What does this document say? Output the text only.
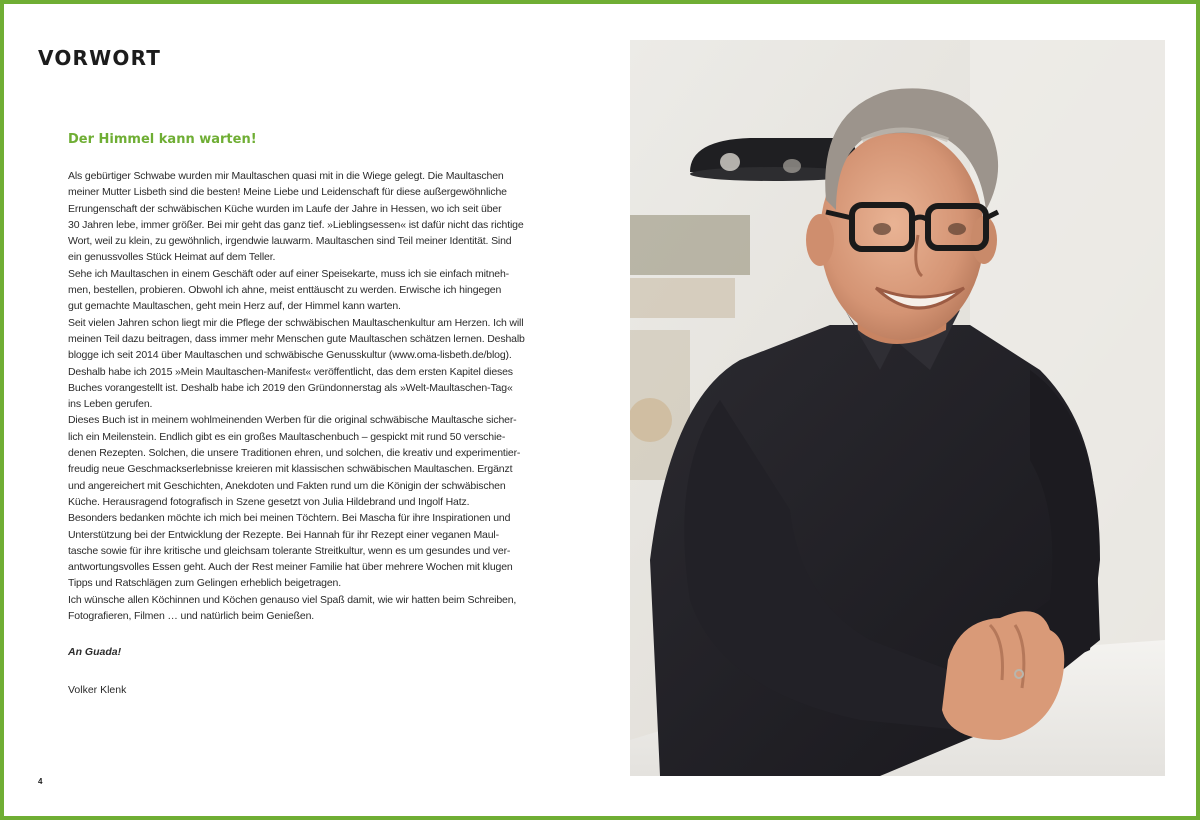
VORWORT
Der Himmel kann warten!
Als gebürtiger Schwabe wurden mir Maultaschen quasi mit in die Wiege gelegt. Die Maultaschen
meiner Mutter Lisbeth sind die besten! Meine Liebe und Leidenschaft für diese außergewöhnliche
Errungenschaft der schwäbischen Küche wurden im Laufe der Jahre in Hessen, wo ich seit über
30 Jahren lebe, immer größer. Bei mir geht das ganz tief. »Lieblingsessen« ist dafür nicht das richtige
Wort, weil zu klein, zu gewöhnlich, irgendwie lauwarm. Maultaschen sind Teil meiner Identität. Sind
ein genussvolles Stück Heimat auf dem Teller.
Sehe ich Maultaschen in einem Geschäft oder auf einer Speisekarte, muss ich sie einfach mitneh-
men, bestellen, probieren. Obwohl ich ahne, meist enttäuscht zu werden. Erwische ich hingegen
gut gemachte Maultaschen, geht mein Herz auf, der Himmel kann warten.
Seit vielen Jahren schon liegt mir die Pflege der schwäbischen Maultaschenkultur am Herzen. Ich will
meinen Teil dazu beitragen, dass immer mehr Menschen gute Maultaschen schätzen lernen. Deshalb
blogge ich seit 2014 über Maultaschen und schwäbische Genusskultur (www.oma-lisbeth.de/blog).
Deshalb habe ich 2015 »Mein Maultaschen-Manifest« veröffentlicht, das dem ersten Kapitel dieses
Buches vorangestellt ist. Deshalb habe ich 2019 den Gründonnerstag als »Welt-Maultaschen-Tag«
ins Leben gerufen.
Dieses Buch ist in meinem wohlmeinenden Werben für die original schwäbische Maultasche sicher-
lich ein Meilenstein. Endlich gibt es ein großes Maultaschenbuch – gespickt mit rund 50 verschie-
denen Rezepten. Solchen, die unsere Traditionen ehren, und solchen, die kreativ und experimentier-
freudig neue Geschmackserlebnisse kreieren mit klassischen schwäbischen Maultaschen. Ergänzt
und angereichert mit Geschichten, Anekdoten und Fakten rund um die Königin der schwäbischen
Küche. Herausragend fotografisch in Szene gesetzt von Julia Hildebrand und Ingolf Hatz.
Besonders bedanken möchte ich mich bei meinen Töchtern. Bei Mascha für ihre Inspirationen und
Unterstützung bei der Entwicklung der Rezepte. Bei Hannah für ihr Rezept einer veganen Maul-
tasche sowie für ihre kritische und gleichsam tolerante Streitkultur, wenn es um gesundes und ver-
antwortungsvolles Essen geht. Auch der Rest meiner Familie hat über mehrere Wochen mit klugen
Tipps und Ratschlägen zum Gelingen erheblich beigetragen.
Ich wünsche allen Köchinnen und Köchen genauso viel Spaß damit, wie wir hatten beim Schreiben,
Fotografieren, Filmen … und natürlich beim Genießen.
An Guada!
Volker Klenk
4
